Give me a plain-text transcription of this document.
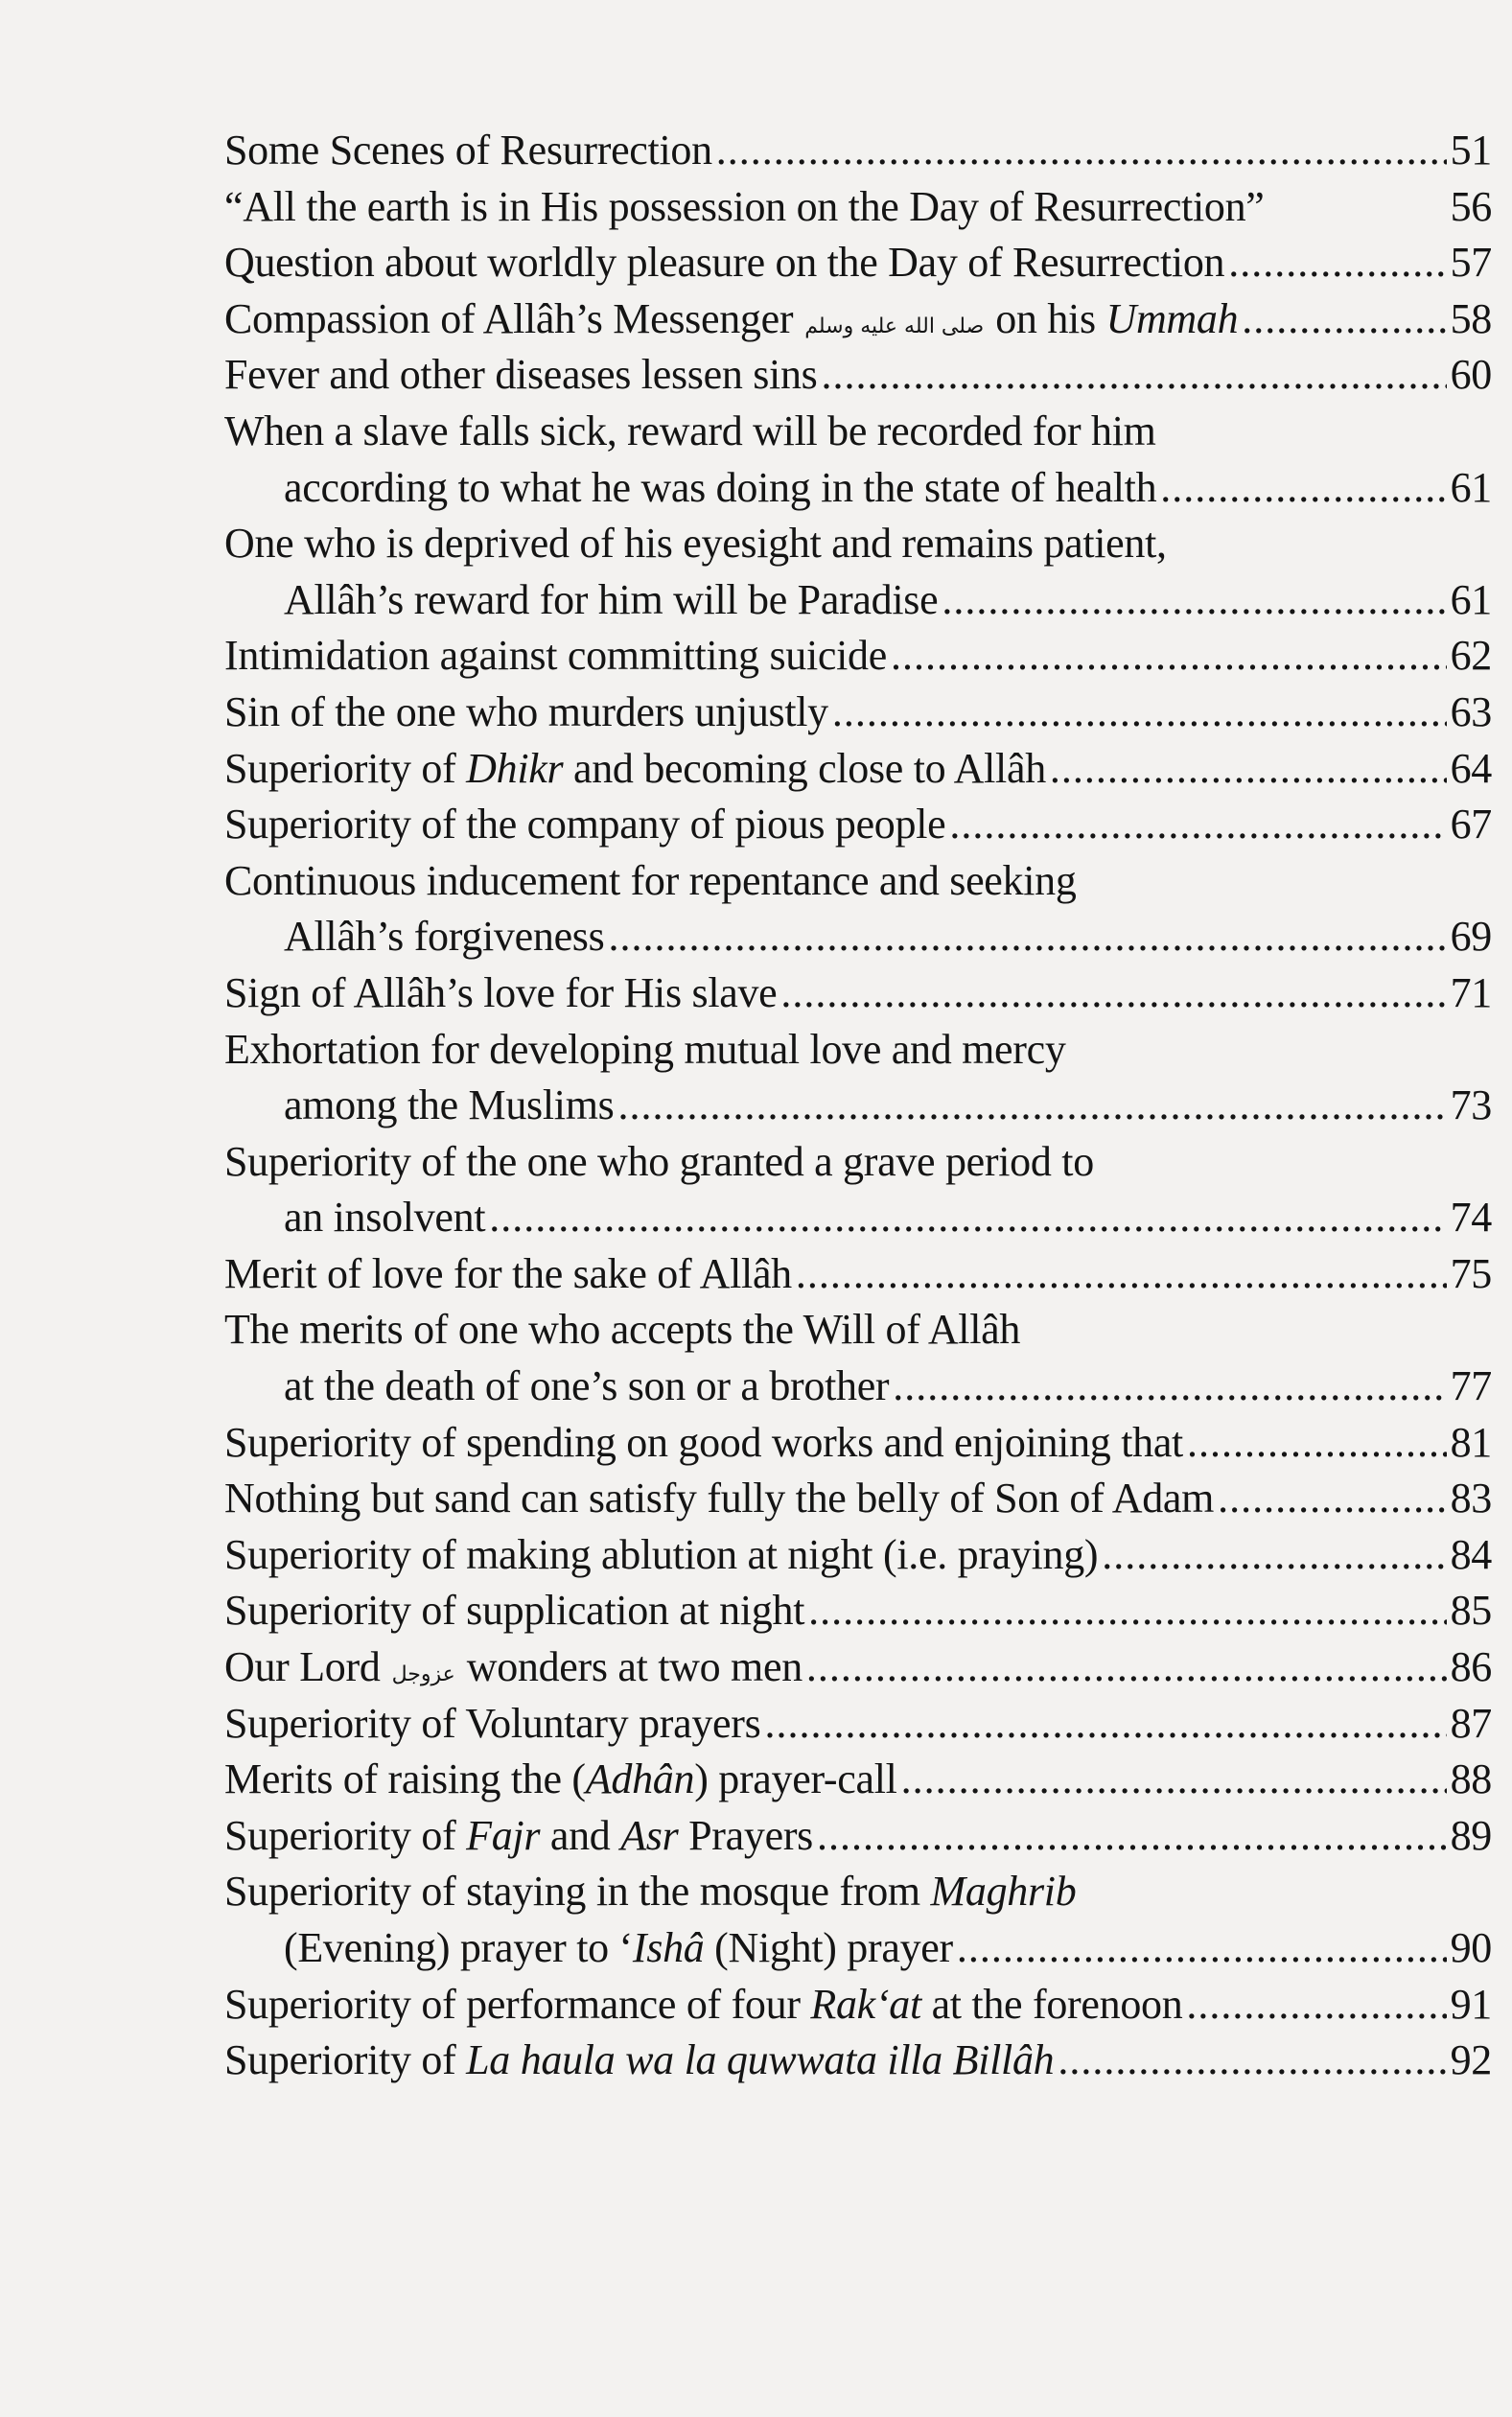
Some Scenes of Resurrection .....	51
“All the earth is in His possession on the Day of Resurrection”	56
Question about worldly pleasure on the Day of Resurrection .....	57
Compassion of Allâh’s Messenger صلى الله عليه وسلم on his Ummah .....	58
Fever and other diseases lessen sins .....	60
When a slave falls sick, reward will be recorded for him
according to what he was doing in the state of health .....	61
One who is deprived of his eyesight and remains patient,
Allâh’s reward for him will be Paradise .....	61
Intimidation against committing suicide .....	62
Sin of the one who murders unjustly .....	63
Superiority of Dhikr and becoming close to Allâh .....	64
Superiority of the company of pious people .....	67
Continuous inducement for repentance and seeking
Allâh’s forgiveness .....	69
Sign of Allâh’s love for His slave .....	71
Exhortation for developing mutual love and mercy
among the Muslims .....	73
Superiority of the one who granted a grave period to
an insolvent .....	74
Merit of love for the sake of Allâh .....	75
The merits of one who accepts the Will of Allâh
at the death of one’s son or a brother .....	77
Superiority of spending on good works and enjoining that .....	81
Nothing but sand can satisfy fully the belly of Son of Adam .....	83
Superiority of making ablution at night (i.e. praying) .....	84
Superiority of supplication at night .....	85
Our Lord عزوجل wonders at two men .....	86
Superiority of Voluntary prayers .....	87
Merits of raising the (Adhân) prayer-call .....	88
Superiority of Fajr and Asr Prayers .....	89
Superiority of staying in the mosque from Maghrib
(Evening) prayer to ‘Ishâ (Night) prayer .....	90
Superiority of performance of four Rak‘at at the forenoon .....	91
Superiority of La haula wa la quwwata illa Billâh .....	92
